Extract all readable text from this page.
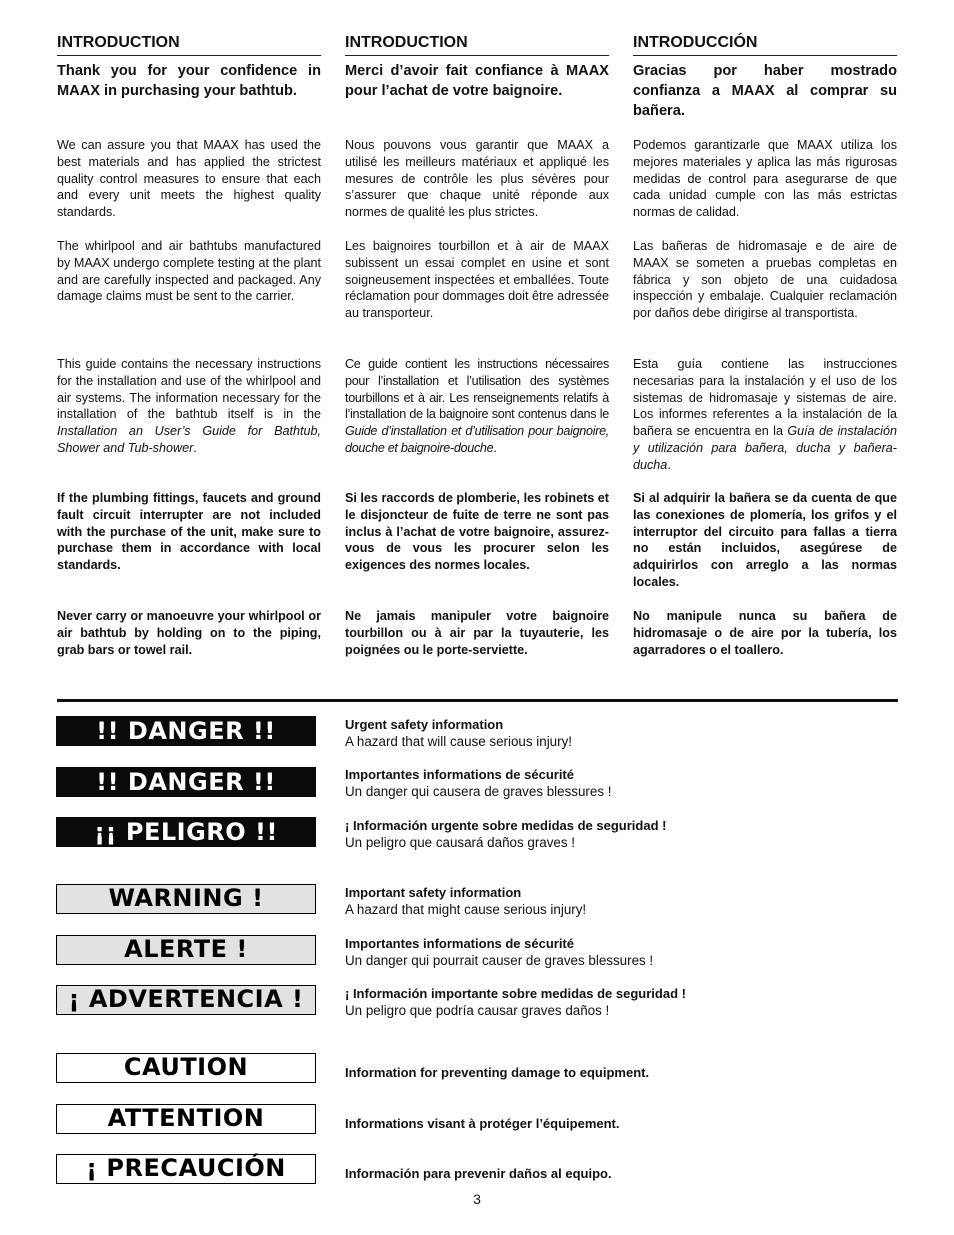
INTRODUCTION
Thank you for your confidence in MAAX in purchasing your bathtub.
We can assure you that MAAX has used the best materials and has applied the strictest quality control measures to ensure that each and every unit meets the highest quality standards.
The whirlpool and air bathtubs manufactured by MAAX undergo complete testing at the plant and are carefully inspected and packaged. Any damage claims must be sent to the carrier.
This guide contains the necessary instructions for the installation and use of the whirlpool and air systems. The information necessary for the installation of the bathtub itself is in the Installation an User’s Guide for Bathtub, Shower and Tub-shower.
If the plumbing fittings, faucets and ground fault circuit interrupter are not included with the purchase of the unit, make sure to purchase them in accordance with local standards.
Never carry or manoeuvre your whirlpool or air bathtub by holding on to the piping, grab bars or towel rail.
INTRODUCTION
Merci d’avoir fait confiance à MAAX pour l’achat de votre baignoire.
Nous pouvons vous garantir que MAAX a utilisé les meilleurs matériaux et appliqué les mesures de contrôle les plus sévères pour s’assurer que chaque unité réponde aux normes de qualité les plus strictes.
Les baignoires tourbillon et à air de MAAX subissent un essai complet en usine et sont soigneusement inspectées et emballées. Toute réclamation pour dommages doit être adressée au transporteur.
Ce guide contient les instructions nécessaires pour l’installation et l’utilisation des systèmes tourbillons et à air. Les renseignements relatifs à l’installation de la baignoire sont contenus dans le Guide d’installation et d’utilisation pour baignoire, douche et baignoire-douche.
Si les raccords de plomberie, les robinets et le disjoncteur de fuite de terre ne sont pas inclus à l’achat de votre baignoire, assurez-vous de vous les procurer selon les exigences des normes locales.
Ne jamais manipuler votre baignoire tourbillon ou à air par la tuyauterie, les poignées ou le porte-serviette.
INTRODUCCIÓN
Gracias por haber mostrado confianza a MAAX al comprar su bañera.
Podemos garantizarle que MAAX utiliza los mejores materiales y aplica las más rigurosas medidas de control para asegurarse de que cada unidad cumple con las más estrictas normas de calidad.
Las bañeras de hidromasaje e de aire de MAAX se someten a pruebas completas en fábrica y son objeto de una cuidadosa inspección y embalaje. Cualquier reclamación por daños debe dirigirse al transportista.
Esta guía contiene las instrucciones necesarias para la instalación y el uso de los sistemas de hidromasaje y sistemas de aire. Los informes referentes a la instalación de la bañera se encuentra en la Guía de instalación y utilización para bañera, ducha y bañera-ducha.
Si al adquirir la bañera se da cuenta de que las conexiones de plomería, los grifos y el interruptor del circuito para fallas a tierra no están incluidos, asegúrese de adquirirlos con arreglo a las normas locales.
No manipule nunca su bañera de hidromasaje o de aire por la tubería, los agarradores o el toallero.
!! DANGER !!	Urgent safety information
A hazard that will cause serious injury!
!! DANGER !!	Importantes informations de sécurité
Un danger qui causera de graves blessures !
¡¡ PELIGRO !!	¡ Información urgente sobre medidas de seguridad !
Un peligro que causará daños graves !
WARNING !	Important safety information
A hazard that might cause serious injury!
ALERTE !	Importantes informations de sécurité
Un danger qui pourrait causer de graves blessures !
¡ ADVERTENCIA !	¡ Información importante sobre medidas de seguridad !
Un peligro que podría causar graves daños !
CAUTION	Information for preventing damage to equipment.
ATTENTION	Informations visant à protéger l’équipement.
¡ PRECAUCIÓN	Información para prevenir daños al equipo.
3
